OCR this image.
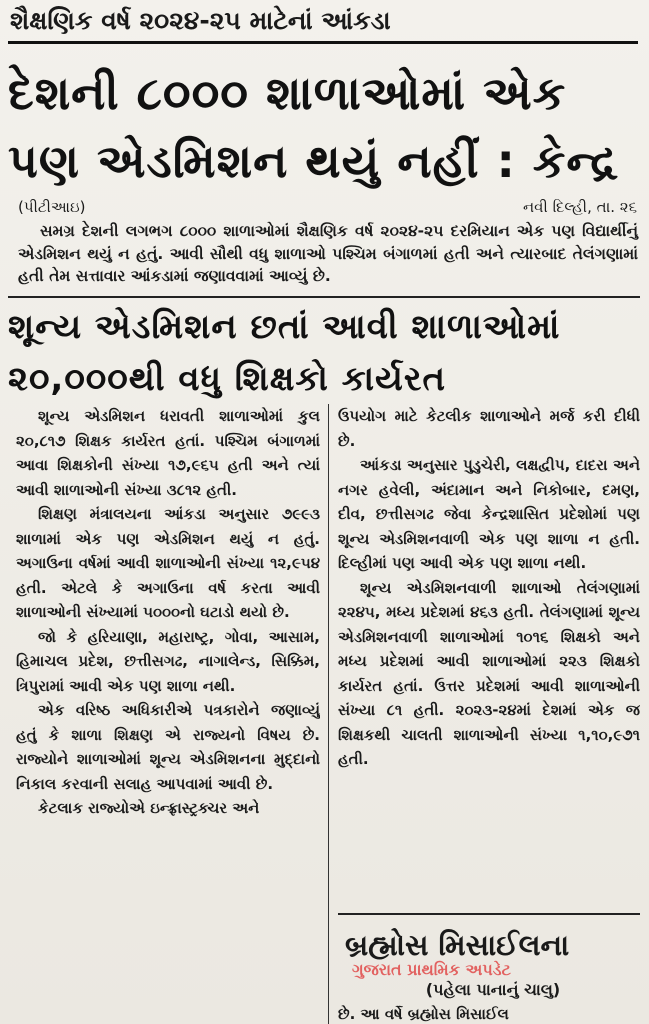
શૈક્ષણિક વર્ષ ૨૦૨૪-૨૫ માટેનાં આંકડા
દેશની ૮૦૦૦ શાળાઓમાં એક
પણ એડમિશન થયું નહીં : કેન્દ્ર
(પીટીઆઇ)	નવી દિલ્હી, તા. ૨૬

સમગ્ર દેશની લગભગ ૮૦૦૦ શાળાઓમાં શૈક્ષણિક વર્ષ ૨૦૨૪-૨૫ દરમિયાન એક પણ વિદ્યાર્થીનું એડમિશન થયું ન હતું. આવી સૌથી વધુ શાળાઓ પશ્ચિમ બંગાળમાં હતી અને ત્યારબાદ તેલંગણામાં હતી તેમ સત્તાવાર આંકડામાં જણાવવામાં આવ્યું છે.

શૂન્ય એડમિશન છતાં આવી શાળાઓમાં
૨૦,૦૦૦થી વધુ શિક્ષકો કાર્યરત

શૂન્ય એડમિશન ધરાવતી શાળાઓમાં કુલ ૨૦,૮૧૭ શિક્ષક કાર્યરત હતાં. પશ્ચિમ બંગાળમાં આવા શિક્ષકોની સંખ્યા ૧૭,૯૬૫ હતી અને ત્યાં આવી શાળાઓની સંખ્યા ૩૮૧૨ હતી.

શિક્ષણ મંત્રાલયના આંકડા અનુસાર ૭૯૯૩ શાળામાં એક પણ એડમિશન થયું ન હતું. અગાઉના વર્ષમાં આવી શાળાઓની સંખ્યા ૧૨,૯૫૪ હતી. એટલે કે અગાઉના વર્ષ કરતા આવી શાળાઓની સંખ્યામાં ૫૦૦૦નો ઘટાડો થયો છે.

જો કે હરિયાણા, મહારાષ્ટ્ર, ગોવા, આસામ, હિમાચલ પ્રદેશ, છત્તીસગઢ, નાગાલેન્ડ, સિક્કિમ, ત્રિપુરામાં આવી એક પણ શાળા નથી.

એક વરિષ્ઠ અધિકારીએ પત્રકારોને જણાવ્યું હતું કે શાળા શિક્ષણ એ રાજ્યનો વિષય છે. રાજ્યોને શાળાઓમાં શૂન્ય એડમિશનના મુદ્દાનો નિકાલ કરવાની સલાહ આપવામાં આવી છે.

કેટલાક રાજ્યોએ ઇન્ફ્રાસ્ટ્રક્ચર અને

ઉપયોગ માટે કેટલીક શાળાઓને મર્જ કરી દીધી છે.

આંકડા અનુસાર પુડુચેરી, લક્ષદ્વીપ, દાદરા અને નગર હવેલી, અંદામાન અને નિકોબાર, દમણ, દીવ, છત્તીસગઢ જેવા કેન્દ્રશાસિત પ્રદેશોમાં પણ શૂન્ય એડમિશનવાળી એક પણ શાળા ન હતી. દિલ્હીમાં પણ આવી એક પણ શાળા નથી.

શૂન્ય એડમિશનવાળી શાળાઓ તેલંગણામાં ૨૨૪૫, મધ્ય પ્રદેશમાં ૪૬૩ હતી. તેલંગણામાં શૂન્ય એડમિશનવાળી શાળાઓમાં ૧૦૧૬ શિક્ષકો અને મધ્ય પ્રદેશમાં આવી શાળાઓમાં ૨૨૩ શિક્ષકો કાર્યરત હતાં. ઉત્તર પ્રદેશમાં આવી શાળાઓની સંખ્યા ૮૧ હતી. ૨૦૨૩-૨૪માં દેશમાં એક જ શિક્ષકથી ચાલતી શાળાઓની સંખ્યા ૧,૧૦,૯૭૧ હતી.

બ્રહ્મોસ મિસાઈલના
ગુજરાત પ્રાથમિક અપડેટ
(પહેલા પાનાનું ચાલુ)
છે. આ વર્ષે બ્રહ્મોસ મિસાઈલ
